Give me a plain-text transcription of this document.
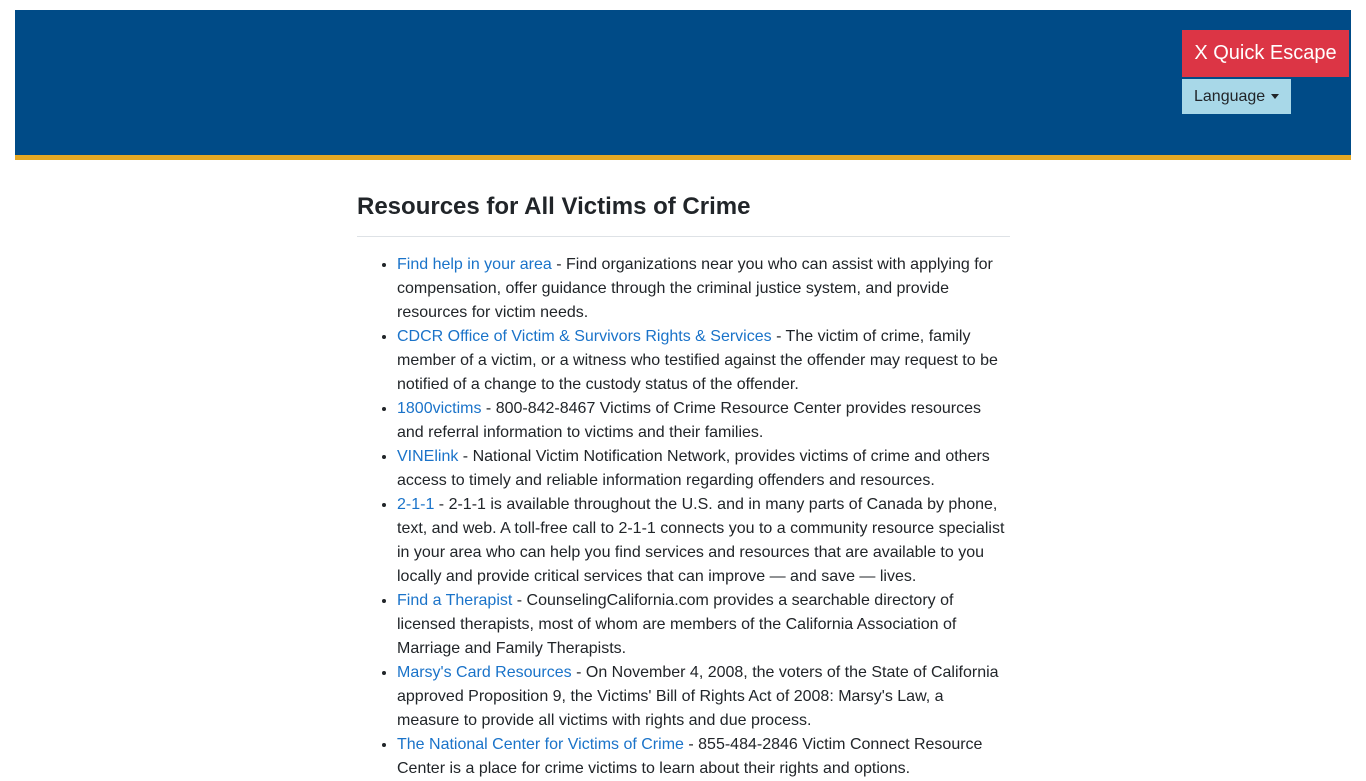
X Quick Escape
Language
Resources for All Victims of Crime
• Find help in your area - Find organizations near you who can assist with applying for compensation, offer guidance through the criminal justice system, and provide resources for victim needs.
• CDCR Office of Victim & Survivors Rights & Services - The victim of crime, family member of a victim, or a witness who testified against the offender may request to be notified of a change to the custody status of the offender.
• 1800victims - 800-842-8467 Victims of Crime Resource Center provides resources and referral information to victims and their families.
• VINElink - National Victim Notification Network, provides victims of crime and others access to timely and reliable information regarding offenders and resources.
• 2-1-1 - 2-1-1 is available throughout the U.S. and in many parts of Canada by phone, text, and web. A toll-free call to 2-1-1 connects you to a community resource specialist in your area who can help you find services and resources that are available to you locally and provide critical services that can improve — and save — lives.
• Find a Therapist - CounselingCalifornia.com provides a searchable directory of licensed therapists, most of whom are members of the California Association of Marriage and Family Therapists.
• Marsy's Card Resources - On November 4, 2008, the voters of the State of California approved Proposition 9, the Victims' Bill of Rights Act of 2008: Marsy's Law, a measure to provide all victims with rights and due process.
• The National Center for Victims of Crime - 855-484-2846 Victim Connect Resource Center is a place for crime victims to learn about their rights and options.
